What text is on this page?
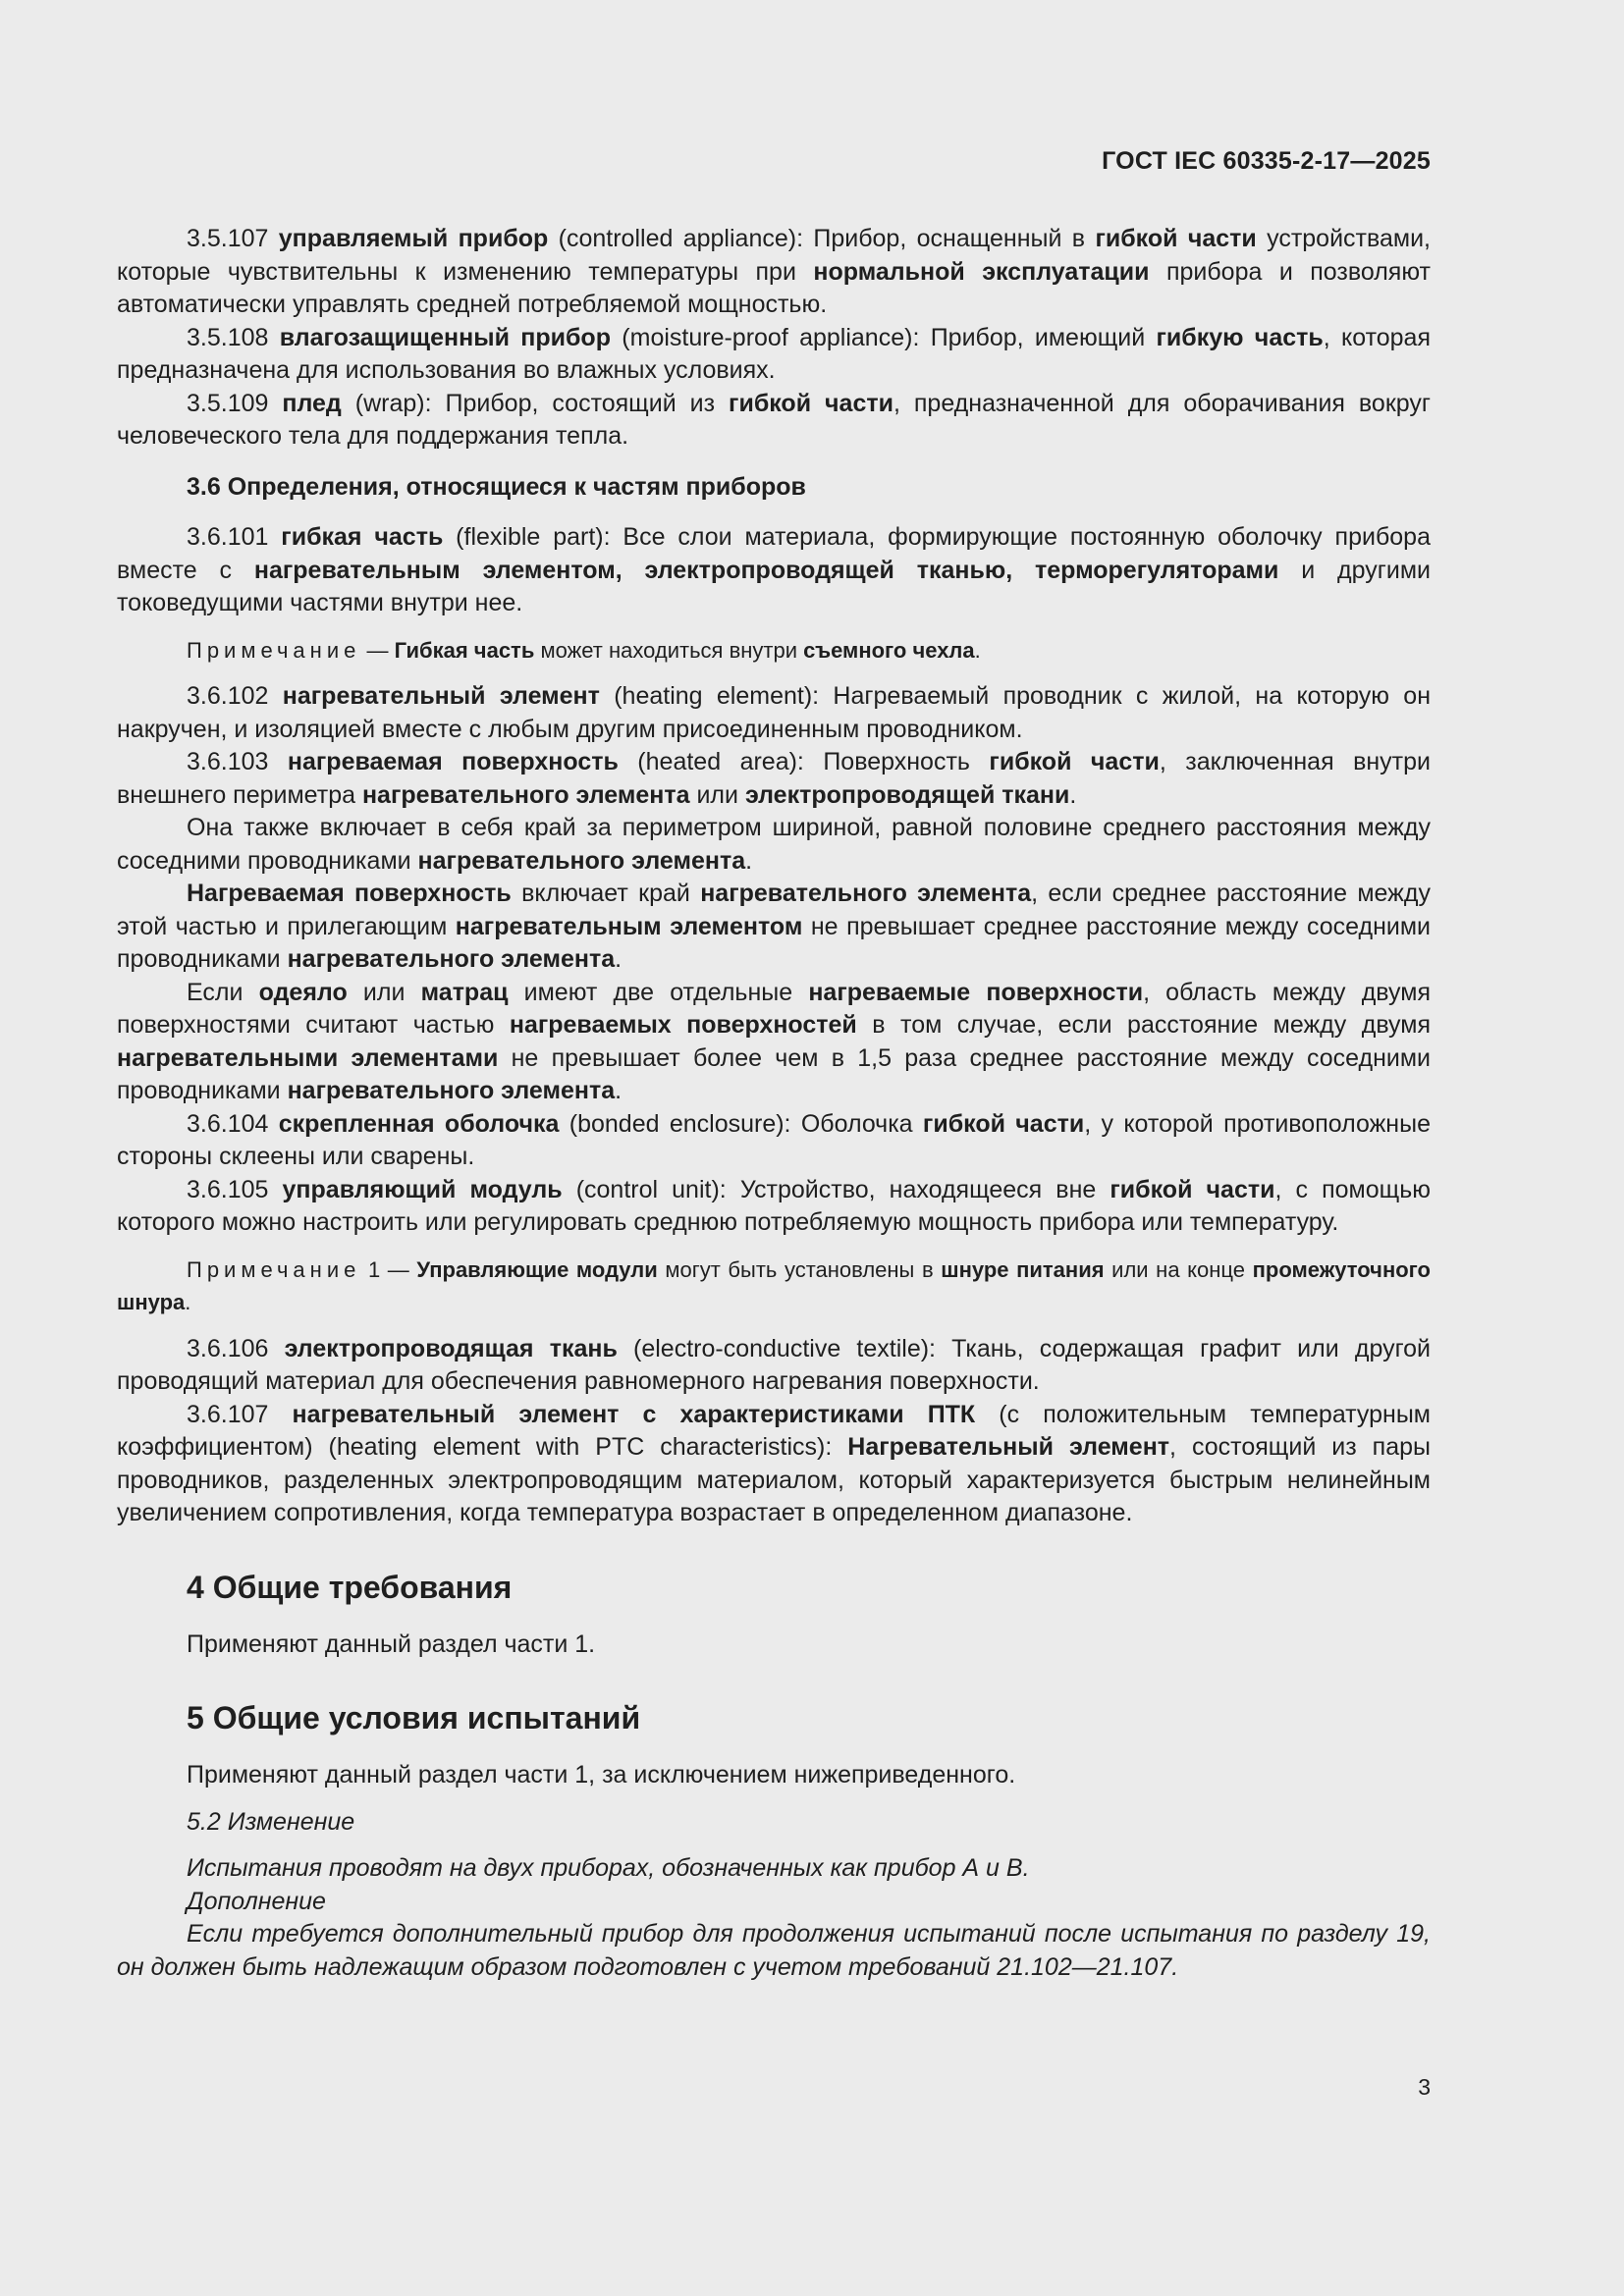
ГОСТ IEC 60335-2-17—2025

3.5.107 управляемый прибор (controlled appliance): Прибор, оснащенный в гибкой части устройствами, которые чувствительны к изменению температуры при нормальной эксплуатации прибора и позволяют автоматически управлять средней потребляемой мощностью.

3.5.108 влагозащищенный прибор (moisture-proof appliance): Прибор, имеющий гибкую часть, которая предназначена для использования во влажных условиях.

3.5.109 плед (wrap): Прибор, состоящий из гибкой части, предназначенной для оборачивания вокруг человеческого тела для поддержания тепла.

3.6 Определения, относящиеся к частям приборов

3.6.101 гибкая часть (flexible part): Все слои материала, формирующие постоянную оболочку прибора вместе с нагревательным элементом, электропроводящей тканью, терморегуляторами и другими токоведущими частями внутри нее.

Примечание — Гибкая часть может находиться внутри съемного чехла.

3.6.102 нагревательный элемент (heating element): Нагреваемый проводник с жилой, на которую он накручен, и изоляцией вместе с любым другим присоединенным проводником.

3.6.103 нагреваемая поверхность (heated area): Поверхность гибкой части, заключенная внутри внешнего периметра нагревательного элемента или электропроводящей ткани.

Она также включает в себя край за периметром шириной, равной половине среднего расстояния между соседними проводниками нагревательного элемента.

Нагреваемая поверхность включает край нагревательного элемента, если среднее расстояние между этой частью и прилегающим нагревательным элементом не превышает среднее расстояние между соседними проводниками нагревательного элемента.

Если одеяло или матрац имеют две отдельные нагреваемые поверхности, область между двумя поверхностями считают частью нагреваемых поверхностей в том случае, если расстояние между двумя нагревательными элементами не превышает более чем в 1,5 раза среднее расстояние между соседними проводниками нагревательного элемента.

3.6.104 скрепленная оболочка (bonded enclosure): Оболочка гибкой части, у которой противоположные стороны склеены или сварены.

3.6.105 управляющий модуль (control unit): Устройство, находящееся вне гибкой части, с помощью которого можно настроить или регулировать среднюю потребляемую мощность прибора или температуру.

Примечание 1 — Управляющие модули могут быть установлены в шнуре питания или на конце промежуточного шнура.

3.6.106 электропроводящая ткань (electro-conductive textile): Ткань, содержащая графит или другой проводящий материал для обеспечения равномерного нагревания поверхности.

3.6.107 нагревательный элемент с характеристиками ПТК (с положительным температурным коэффициентом) (heating element with PTC characteristics): Нагревательный элемент, состоящий из пары проводников, разделенных электропроводящим материалом, который характеризуется быстрым нелинейным увеличением сопротивления, когда температура возрастает в определенном диапазоне.

4 Общие требования

Применяют данный раздел части 1.

5 Общие условия испытаний

Применяют данный раздел части 1, за исключением нижеприведенного.

5.2 Изменение

Испытания проводят на двух приборах, обозначенных как прибор А и В.

Дополнение

Если требуется дополнительный прибор для продолжения испытаний после испытания по разделу 19, он должен быть надлежащим образом подготовлен с учетом требований 21.102—21.107.

3
